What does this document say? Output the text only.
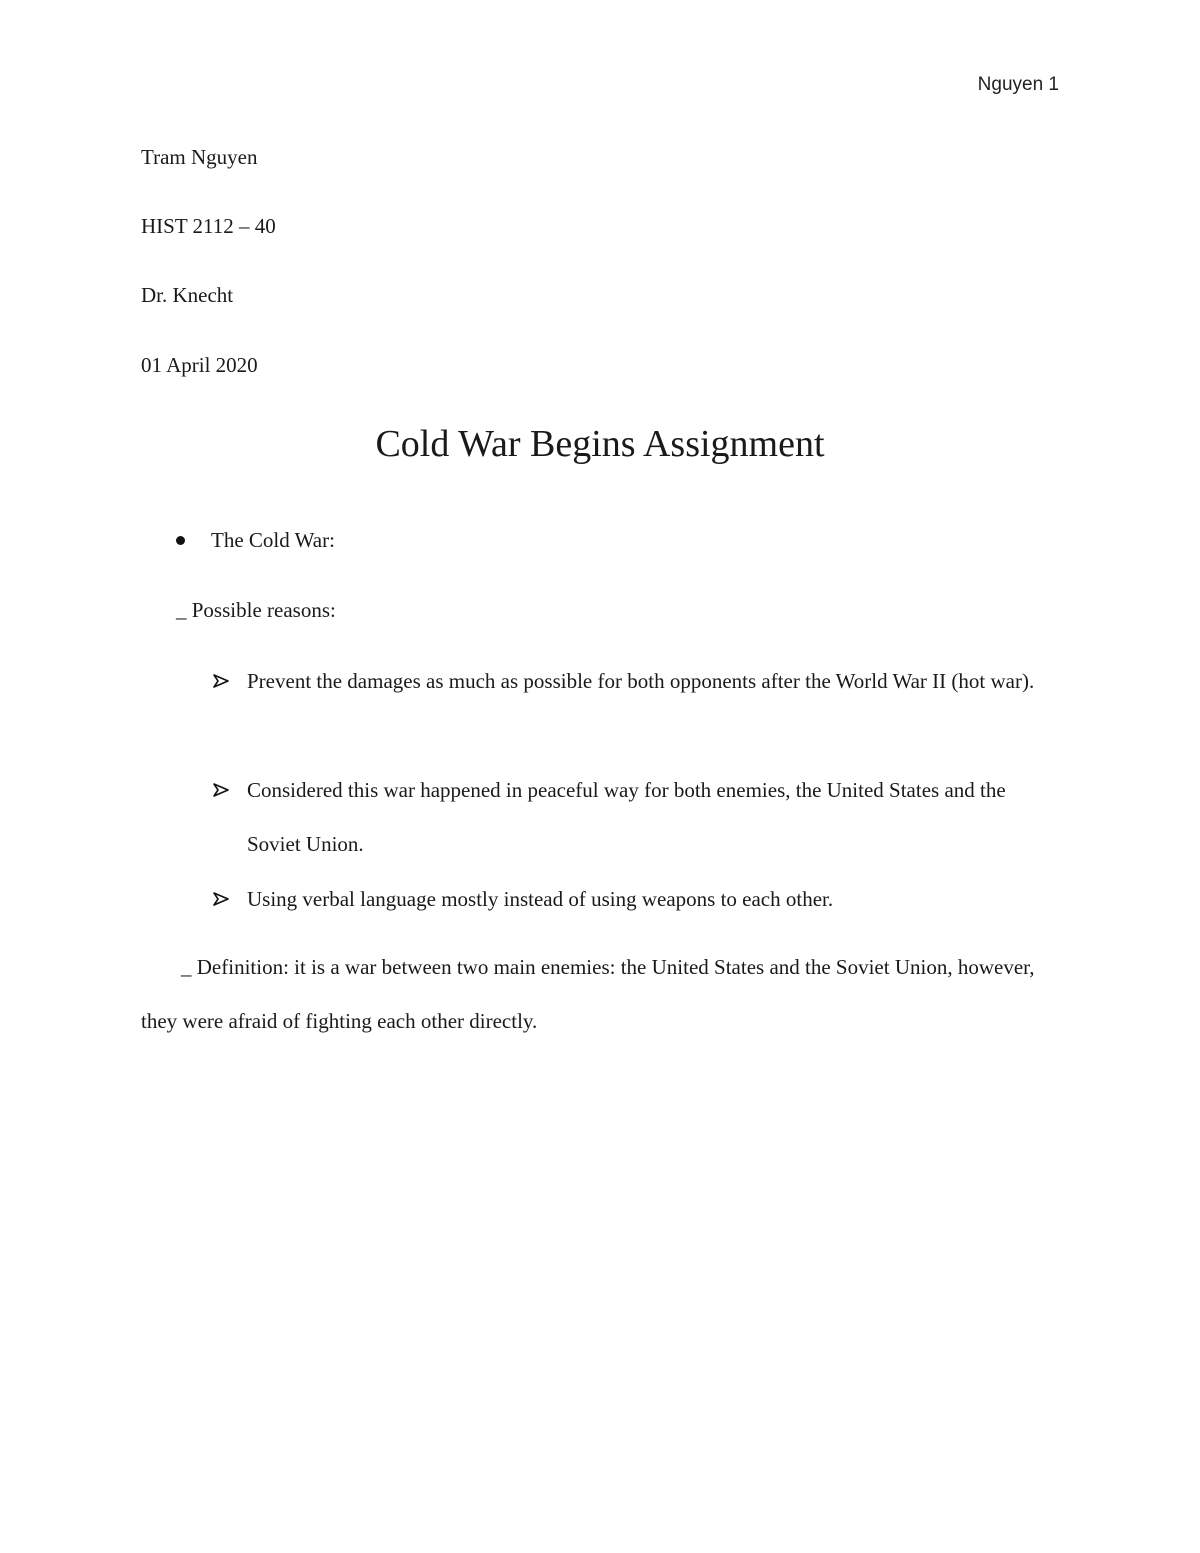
Nguyen 1
Tram Nguyen
HIST 2112 – 40
Dr. Knecht
01 April 2020
Cold War Begins Assignment
The Cold War:
_ Possible reasons:
Prevent the damages as much as possible for both opponents after the World War II (hot war).
Considered this war happened in peaceful way for both enemies, the United States and the Soviet Union.
Using verbal language mostly instead of using weapons to each other.
_ Definition: it is a war between two main enemies: the United States and the Soviet Union, however, they were afraid of fighting each other directly.
